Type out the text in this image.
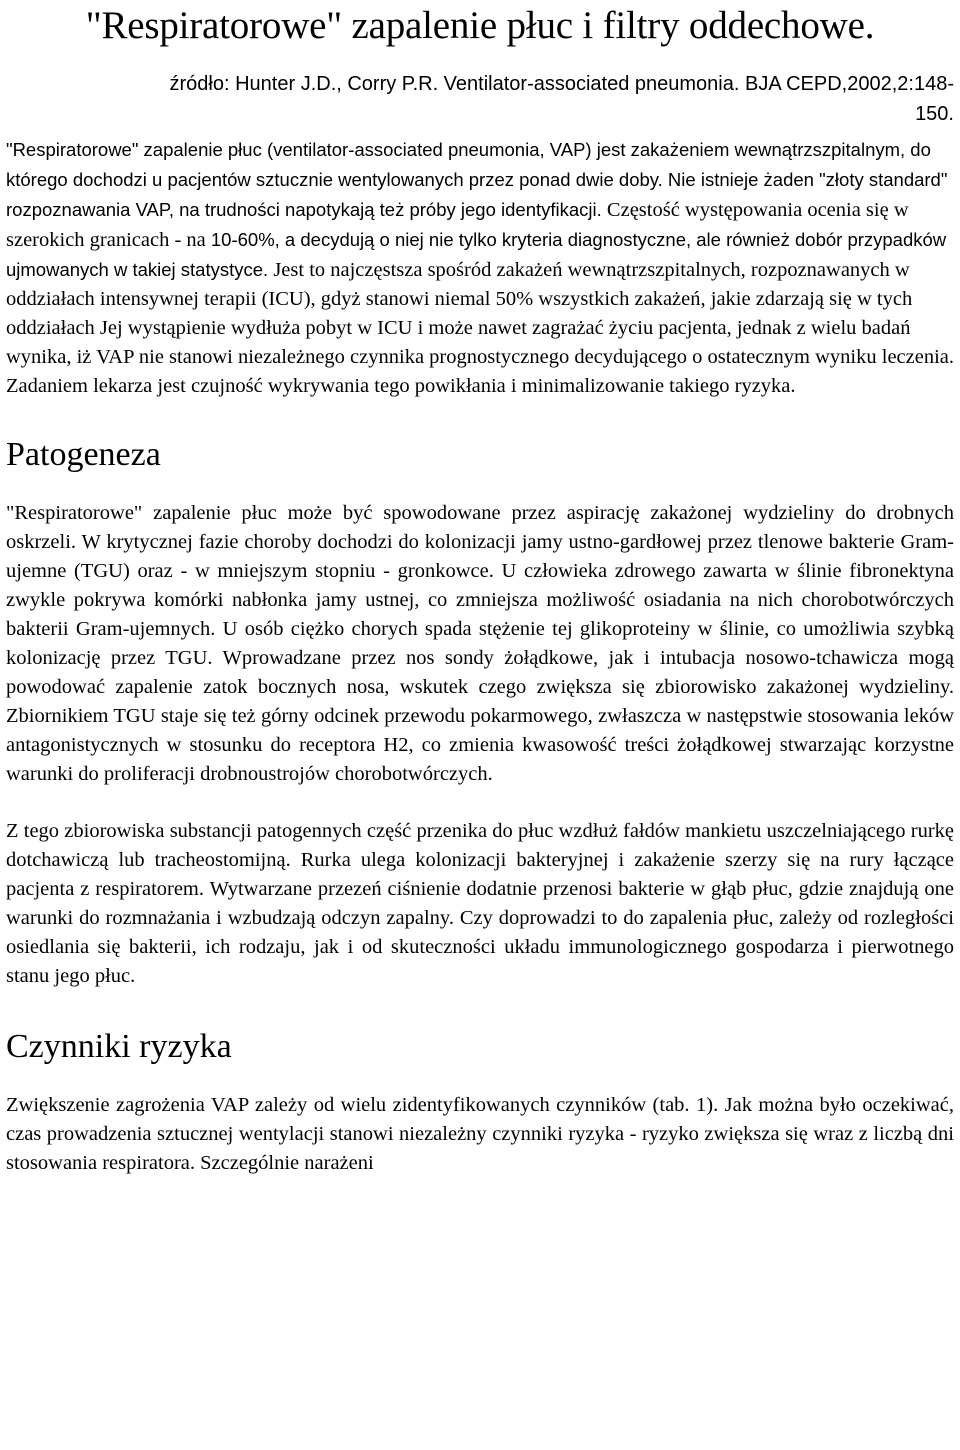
"Respiratorowe" zapalenie płuc i filtry oddechowe.

źródło: Hunter J.D., Corry P.R. Ventilator-associated pneumonia. BJA CEPD,2002,2:148-150.

"Respiratorowe" zapalenie płuc (ventilator-associated pneumonia, VAP) jest zakażeniem wewnątrzszpitalnym, do którego dochodzi u pacjentów sztucznie wentylowanych przez ponad dwie doby. Nie istnieje żaden "złoty standard" rozpoznawania VAP, na trudności napotykają też próby jego identyfikacji. Częstość występowania ocenia się w szerokich granicach - na 10-60%, a decydują o niej nie tylko kryteria diagnostyczne, ale również dobór przypadków ujmowanych w takiej statystyce. Jest to najczęstsza spośród zakażeń wewnątrzszpitalnych, rozpoznawanych w oddziałach intensywnej terapii (ICU), gdyż stanowi niemal 50% wszystkich zakażeń, jakie zdarzają się w tych oddziałach Jej wystąpienie wydłuża pobyt w ICU i może nawet zagrażać życiu pacjenta, jednak z wielu badań wynika, iż VAP nie stanowi niezależnego czynnika prognostycznego decydującego o ostatecznym wyniku leczenia. Zadaniem lekarza jest czujność wykrywania tego powikłania i minimalizowanie takiego ryzyka.

Patogeneza

"Respiratorowe" zapalenie płuc może być spowodowane przez aspirację zakażonej wydzieliny do drobnych oskrzeli. W krytycznej fazie choroby dochodzi do kolonizacji jamy ustno-gardłowej przez tlenowe bakterie Gram-ujemne (TGU) oraz - w mniejszym stopniu - gronkowce. U człowieka zdrowego zawarta w ślinie fibronektyna zwykle pokrywa komórki nabłonka jamy ustnej, co zmniejsza możliwość osiadania na nich chorobotwórczych bakterii Gram-ujemnych. U osób ciężko chorych spada stężenie tej glikoproteiny w ślinie, co umożliwia szybką kolonizację przez TGU. Wprowadzane przez nos sondy żołądkowe, jak i intubacja nosowo-tchawicza mogą powodować zapalenie zatok bocznych nosa, wskutek czego zwiększa się zbiorowisko zakażonej wydzieliny. Zbiornikiem TGU staje się też górny odcinek przewodu pokarmowego, zwłaszcza w następstwie stosowania leków antagonistycznych w stosunku do receptora H2, co zmienia kwasowość treści żołądkowej stwarzając korzystne warunki do proliferacji drobnoustrojów chorobotwórczych.

Z tego zbiorowiska substancji patogennych część przenika do płuc wzdłuż fałdów mankietu uszczelniającego rurkę dotchawiczą lub tracheostomijną. Rurka ulega kolonizacji bakteryjnej i zakażenie szerzy się na rury łączące pacjenta z respiratorem. Wytwarzane przezeń ciśnienie dodatnie przenosi bakterie w głąb płuc, gdzie znajdują one warunki do rozmnażania i wzbudzają odczyn zapalny. Czy doprowadzi to do zapalenia płuc, zależy od rozległości osiedlania się bakterii, ich rodzaju, jak i od skuteczności układu immunologicznego gospodarza i pierwotnego stanu jego płuc.

Czynniki ryzyka

Zwiększenie zagrożenia VAP zależy od wielu zidentyfikowanych czynników (tab. 1). Jak można było oczekiwać, czas prowadzenia sztucznej wentylacji stanowi niezależny czynniki ryzyka - ryzyko zwiększa się wraz z liczbą dni stosowania respiratora. Szczególnie narażeni
